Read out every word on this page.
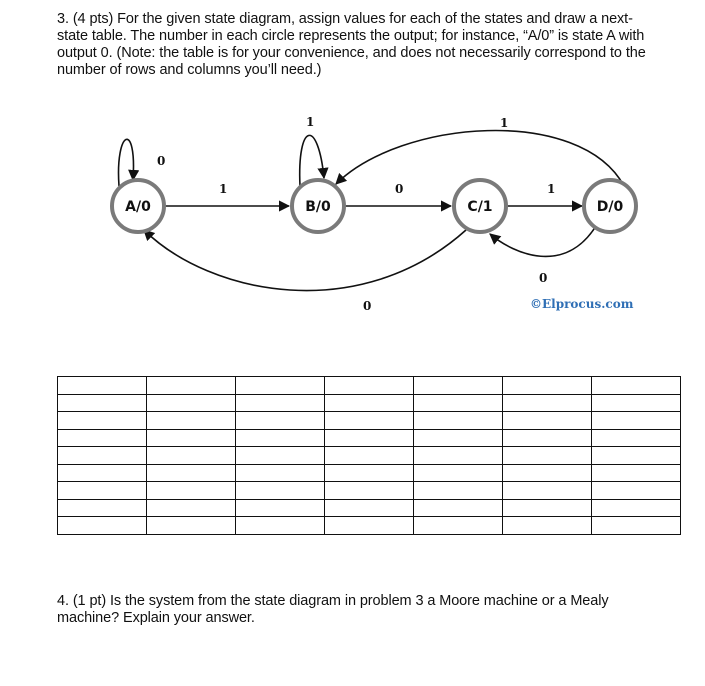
3. (4 pts) For the given state diagram, assign values for each of the states and draw a next-
state table. The number in each circle represents the output; for instance, “A/0” is state A with
output 0. (Note: the table is for your convenience, and does not necessarily correspond to the
number of rows and columns you’ll need.)
A/0	B/0	C/1	D/0
0
1
1	0	1
1
0
0	©Elprocus.com

4. (1 pt) Is the system from the state diagram in problem 3 a Moore machine or a Mealy
machine? Explain your answer.
